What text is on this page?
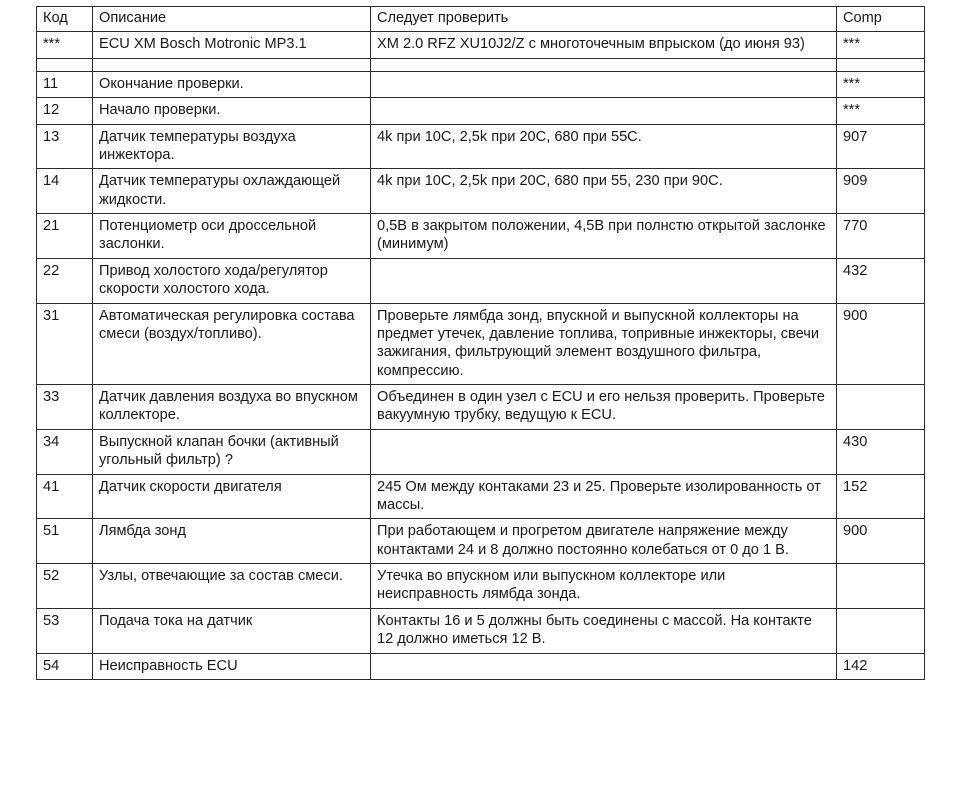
Код	Описание	Следует проверить	Comp
***	ECU XM Bosch Motronic MP3.1	XM 2.0 RFZ XU10J2/Z с многоточечным впрыском (до июня 93)	***

11	Окончание проверки.		***
12	Начало проверки.		***
13	Датчик температуры воздуха инжектора.	4k при 10С, 2,5k при 20С, 680 при 55С.	907
14	Датчик температуры охлаждающей жидкости.	4k при 10С, 2,5k при 20С, 680 при 55, 230 при 90С.	909
21	Потенциометр оси дроссельной заслонки.	0,5В в закрытом положении, 4,5В при полнстю открытой заслонке (минимум)	770
22	Привод холостого хода/регулятор скорости холостого хода.		432
31	Автоматическая регулировка состава смеси (воздух/топливо).	Проверьте лямбда зонд, впускной и выпускной коллекторы на предмет утечек, давление топлива, топривные инжекторы, свечи зажигания, фильтрующий элемент воздушного фильтра, компрессию.	900
33	Датчик давления воздуха во впускном коллекторе.	Объединен в один узел с ECU и его нельзя проверить. Проверьте вакуумную трубку, ведущую к ECU.	
34	Выпускной клапан бочки (активный угольный фильтр) ?		430
41	Датчик скорости двигателя	245 Ом между контаками 23 и 25. Проверьте изолированность от массы.	152
51	Лямбда зонд	При работающем и прогретом двигателе напряжение между контактами 24 и 8 должно постоянно колебаться от 0 до 1 В.	900
52	Узлы, отвечающие за состав смеси.	Утечка во впускном или выпускном коллекторе или неисправность лямбда зонда.	
53	Подача тока на датчик	Контакты 16 и 5 должны быть соединены с массой. На контакте 12 должно иметься 12 В.	
54	Неисправность ECU		142
